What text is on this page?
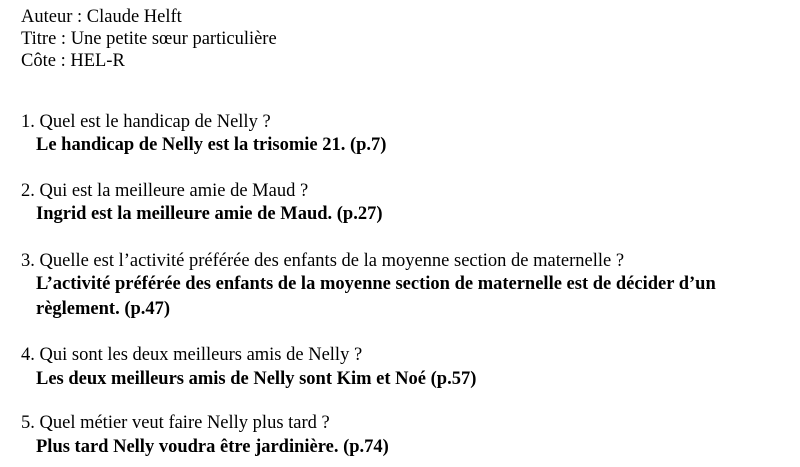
Auteur : Claude Helft
Titre : Une petite sœur particulière
Côte : HEL-R
1. Quel est le handicap de Nelly ?
Le handicap de Nelly est la trisomie 21. (p.7)
2. Qui est la meilleure amie de Maud ?
Ingrid est la meilleure amie de Maud. (p.27)
3. Quelle est l’activité préférée des enfants de la moyenne section de maternelle ?
L’activité préférée des enfants de la moyenne section de maternelle est de décider d’un
règlement. (p.47)
4. Qui sont les deux meilleurs amis de Nelly ?
Les deux meilleurs amis de Nelly sont Kim et Noé (p.57)
5. Quel métier veut faire Nelly plus tard ?
Plus tard Nelly voudra être jardinière. (p.74)
